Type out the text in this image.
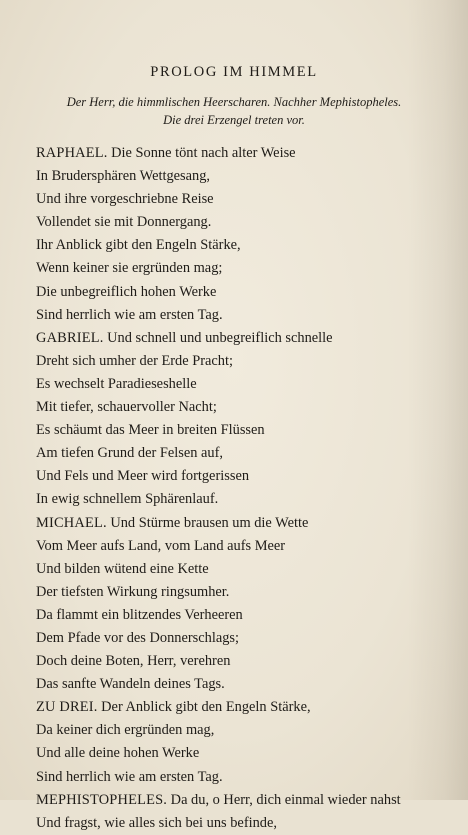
PROLOG IM HIMMEL
Der Herr, die himmlischen Heerscharen. Nachher Mephistopheles.
Die drei Erzengel treten vor.
RAPHAEL. Die Sonne tönt nach alter Weise
In Brudersphären Wettgesang,
Und ihre vorgeschriebne Reise
Vollendet sie mit Donnergang.
Ihr Anblick gibt den Engeln Stärke,
Wenn keiner sie ergründen mag;
Die unbegreiflich hohen Werke
Sind herrlich wie am ersten Tag.
GABRIEL. Und schnell und unbegreiflich schnelle
Dreht sich umher der Erde Pracht;
Es wechselt Paradieseshelle
Mit tiefer, schauervoller Nacht;
Es schäumt das Meer in breiten Flüssen
Am tiefen Grund der Felsen auf,
Und Fels und Meer wird fortgerissen
In ewig schnellem Sphärenlauf.
MICHAEL. Und Stürme brausen um die Wette
Vom Meer aufs Land, vom Land aufs Meer
Und bilden wütend eine Kette
Der tiefsten Wirkung ringsumher.
Da flammt ein blitzendes Verheeren
Dem Pfade vor des Donnerschlags;
Doch deine Boten, Herr, verehren
Das sanfte Wandeln deines Tags.
ZU DREI. Der Anblick gibt den Engeln Stärke,
Da keiner dich ergründen mag,
Und alle deine hohen Werke
Sind herrlich wie am ersten Tag.
MEPHISTOPHELES. Da du, o Herr, dich einmal wieder nahst
Und fragst, wie alles sich bei uns befinde,
